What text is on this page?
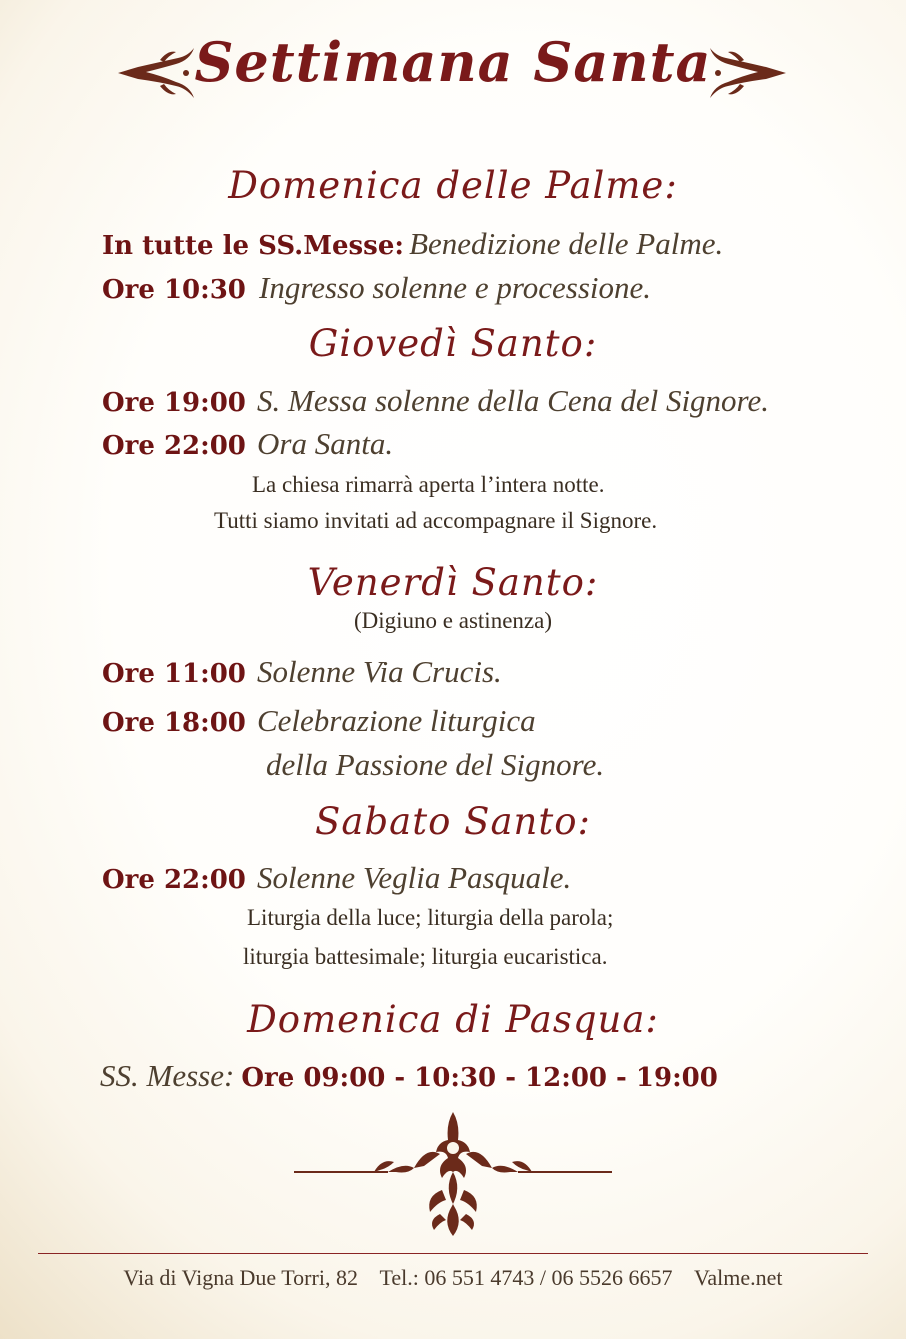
Settimana Santa
Domenica delle Palme:
In tutte le SS.Messe: Benedizione delle Palme.
Ore 10:30 Ingresso solenne e processione.
Giovedì Santo:
Ore 19:00 S. Messa solenne della Cena del Signore.
Ore 22:00 Ora Santa.
La chiesa rimarrà aperta l’intera notte.
Tutti siamo invitati ad accompagnare il Signore.
Venerdì Santo:
(Digiuno e astinenza)
Ore 11:00 Solenne Via Crucis.
Ore 18:00 Celebrazione liturgica
della Passione del Signore.
Sabato Santo:
Ore 22:00 Solenne Veglia Pasquale.
Liturgia della luce; liturgia della parola;
liturgia battesimale; liturgia eucaristica.
Domenica di Pasqua:
SS. Messe: Ore 09:00 - 10:30 - 12:00 - 19:00
Via di Vigna Due Torri, 82 Tel.: 06 551 4743 / 06 5526 6657 Valme.net
